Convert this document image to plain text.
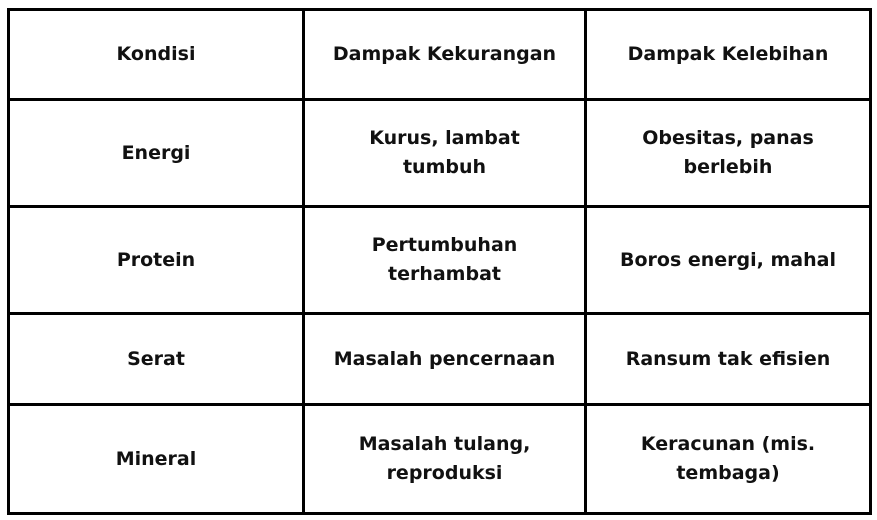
Kondisi	Dampak Kekurangan	Dampak Kelebihan
Energi	Kurus, lambat tumbuh	Obesitas, panas berlebih
Protein	Pertumbuhan terhambat	Boros energi, mahal
Serat	Masalah pencernaan	Ransum tak efisien
Mineral	Masalah tulang, reproduksi	Keracunan (mis. tembaga)
